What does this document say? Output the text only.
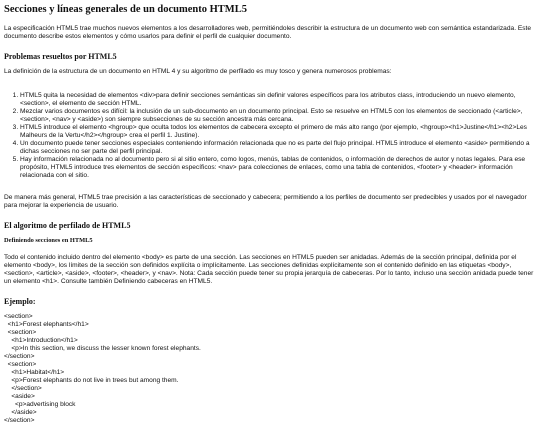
Secciones y líneas generales de un documento HTML5

La especificación HTML5 trae muchos nuevos elementos a los desarrolladores web, permitiéndoles describir la estructura de un documento web con semántica estandarizada. Este documento describe estos elementos y cómo usarlos para definir el perfil de cualquier documento.

Problemas resueltos por HTML5

La definición de la estructura de un documento en HTML 4 y su algoritmo de perfilado es muy tosco y genera numerosos problemas:

1. HTML5 quita la necesidad de elementos <div>para definir secciones semánticas sin definir valores específicos para los atributos class, introduciendo un nuevo elemento, <section>, el elemento de sección HTML.
2. Mezclar varios documentos es difícil: la inclusión de un sub-documento en un documento principal. Esto se resuelve en HTML5 con los elementos de seccionado (<article>, <section>, <nav> y <aside>) son siempre subsecciones de su sección ancestra más cercana.
3. HTML5 introduce el elemento <hgroup> que oculta todos los elementos de cabecera excepto el primero de más alto rango (por ejemplo, <hgroup><h1>Justine</h1><h2>Les Malheurs de la Vertu</h2></hgroup> crea el perfil 1. Justine).
4. Un documento puede tener secciones especiales conteniendo información relacionada que no es parte del flujo principal. HTML5 introduce el elemento <aside> permitiendo a dichas secciones no ser parte del perfil principal.
5. Hay información relacionada no al documento pero si al sitio entero, como logos, menús, tablas de contenidos, o información de derechos de autor y notas legales. Para ese propósito, HTML5 introduce tres elementos de sección específicos: <nav> para colecciones de enlaces, como una tabla de contenidos, <footer> y <header> información relacionada con el sitio.

De manera más general, HTML5 trae precisión a las características de seccionado y cabecera; permitiendo a los perfiles de documento ser predecibles y usados por el navegador para mejorar la experiencia de usuario.

El algoritmo de perfilado de HTML5
Definiendo secciones en HTML5

Todo el contenido incluido dentro del elemento <body> es parte de una sección. Las secciones en HTML5 pueden ser anidadas. Además de la sección principal, definida por el elemento <body>, los límites de la sección son definidos explícita o implícitamente. Las secciones definidas explícitamente son el contenido definido en las etiquetas <body>, <section>, <article>, <aside>, <footer>, <header>, y <nav>. Nota: Cada sección puede tener su propia jerarquía de cabeceras. Por lo tanto, incluso una sección anidada puede tener un elemento <h1>. Consulte también Definiendo cabeceras en HTML5.

Ejemplo:
<section>
<h1>Forest elephants</h1>
<section>
<h1>Introduction</h1>
<p>In this section, we discuss the lesser known forest elephants.
</section>
<section>
<h1>Habitat</h1>
<p>Forest elephants do not live in trees but among them.
</section>
<aside>
<p>advertising block
</aside>
</section>
